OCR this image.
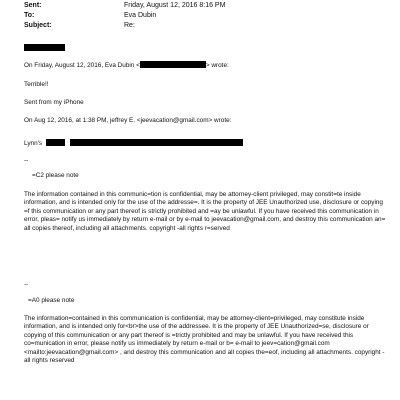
Sent:	Friday, August 12, 2016 8:16 PM
To:	Eva Dubin
Subject:	Re:
On Friday, August 12, 2016, Eva Dubin <	> wrote:
Terrible!!
Sent from my iPhone
On Aug 12, 2016, at 1:38 PM, jeffrey E. <jeevacation@gmail.com> wrote:
Lynn's
--
=C2 please note
The information contained in this communic=tion is confidential, may be attorney-client privileged, may constit=te inside information, and is intended only for the use of the addresse=. It is the property of JEE Unauthorized use, disclosure or copying =f this communication or any part thereof is strictly prohibited and =ay be unlawful. If you have received this communication in error, pleas= notify us immediately by return e-mail or by e-mail to jeevacation@gmail.com, and destroy this communication an= all copies thereof, including all attachments. copyright -all rights r=served
--
=A0 please note
The information=contained in this communication is confidential, may be attorney-client=privileged, may constitute inside information, and is intended only for<br>the use of the addressee. It is the property of JEE Unauthorized=se, disclosure or copying of this communication or any part thereof is =trictly prohibited and may be unlawful. If you have received this co=munication in error, please notify us immediately by return e-mail or b= e-mail to jeev=cation@gmail.com <mailto:jeevacation@gmail.com> , and destroy this communication and all copies the=eof, including all attachments. copyright -all rights reserved
